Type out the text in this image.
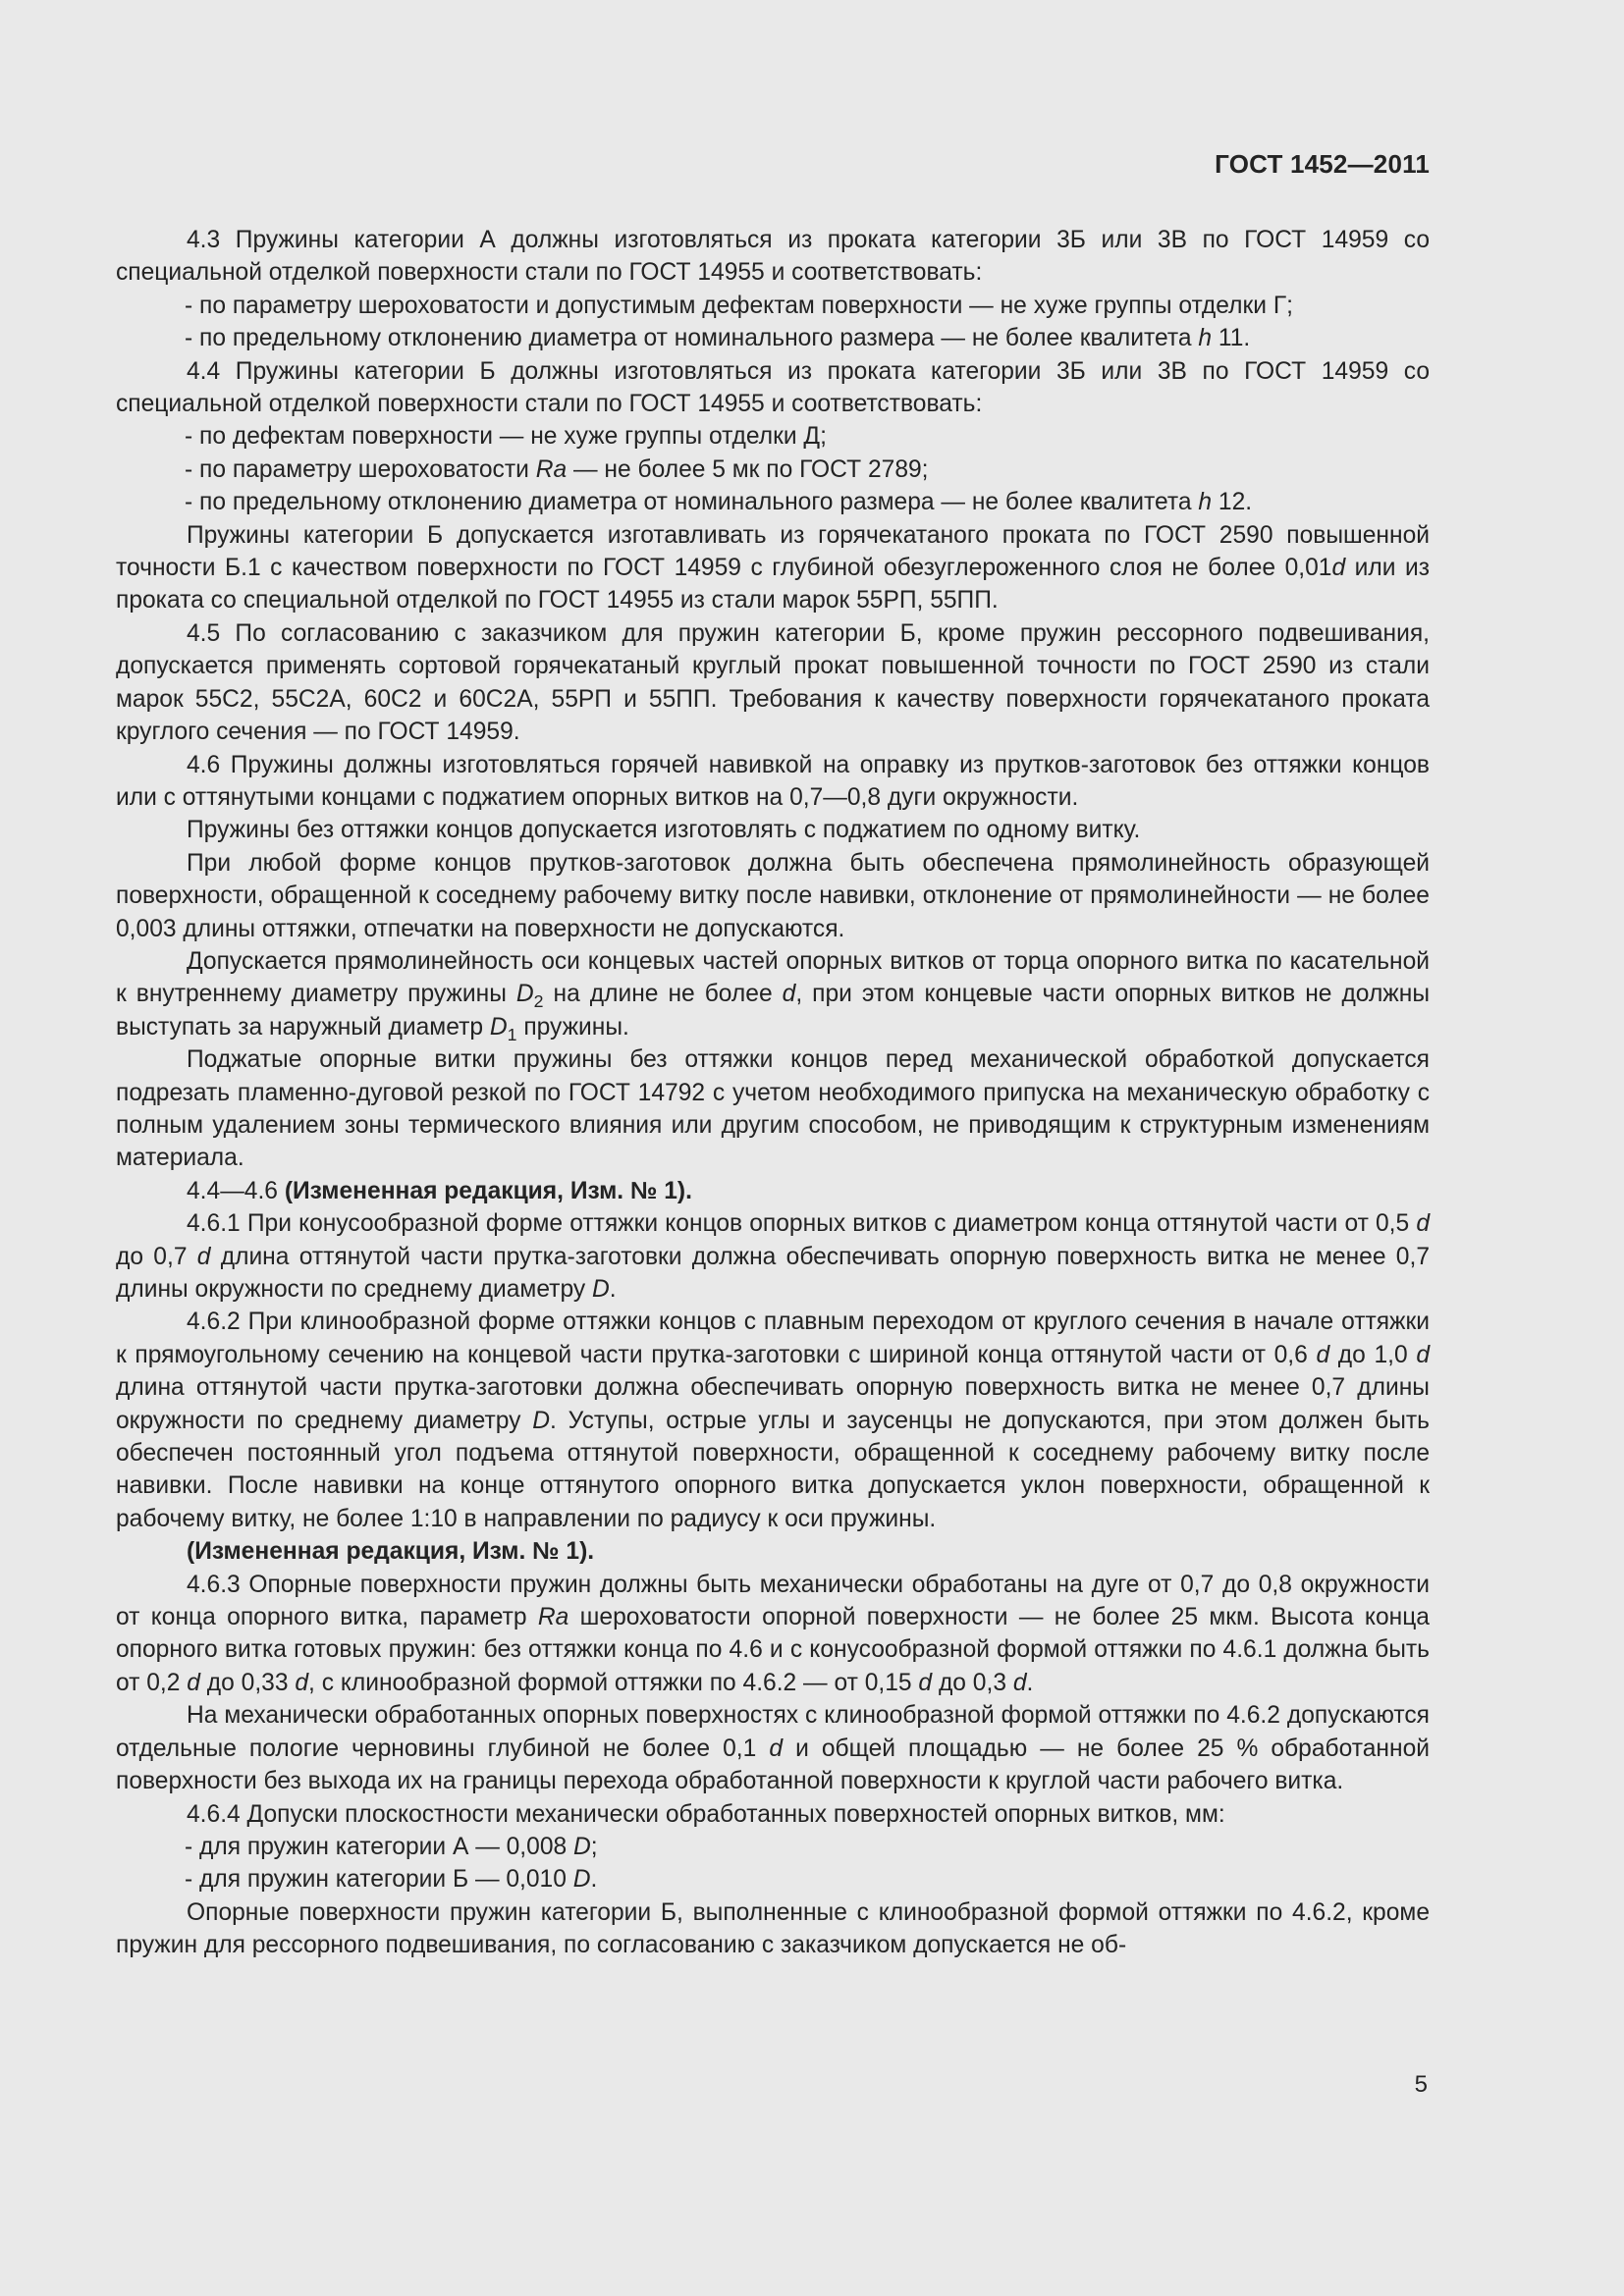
ГОСТ 1452—2011

4.3 Пружины категории А должны изготовляться из проката категории 3Б или 3В по ГОСТ 14959 со специальной отделкой поверхности стали по ГОСТ 14955 и соответствовать:

- по параметру шероховатости и допустимым дефектам поверхности — не хуже группы отделки Г;

- по предельному отклонению диаметра от номинального размера — не более квалитета h 11.

4.4 Пружины категории Б должны изготовляться из проката категории 3Б или 3В по ГОСТ 14959 со специальной отделкой поверхности стали по ГОСТ 14955 и соответствовать:

- по дефектам поверхности — не хуже группы отделки Д;

- по параметру шероховатости Ra — не более 5 мк по ГОСТ 2789;

- по предельному отклонению диаметра от номинального размера — не более квалитета h 12.

Пружины категории Б допускается изготавливать из горячекатаного проката по ГОСТ 2590 повышенной точности Б.1 с качеством поверхности по ГОСТ 14959 с глубиной обезуглероженного слоя не более 0,01d или из проката со специальной отделкой по ГОСТ 14955 из стали марок 55РП, 55ПП.

4.5 По согласованию с заказчиком для пружин категории Б, кроме пружин рессорного подвешивания, допускается применять сортовой горячекатаный круглый прокат повышенной точности по ГОСТ 2590 из стали марок 55С2, 55С2А, 60С2 и 60С2А, 55РП и 55ПП. Требования к качеству поверхности горячекатаного проката круглого сечения — по ГОСТ 14959.

4.6 Пружины должны изготовляться горячей навивкой на оправку из прутков-заготовок без оттяжки концов или с оттянутыми концами с поджатием опорных витков на 0,7—0,8 дуги окружности.

Пружины без оттяжки концов допускается изготовлять с поджатием по одному витку.

При любой форме концов прутков-заготовок должна быть обеспечена прямолинейность образующей поверхности, обращенной к соседнему рабочему витку после навивки, отклонение от прямолинейности — не более 0,003 длины оттяжки, отпечатки на поверхности не допускаются.

Допускается прямолинейность оси концевых частей опорных витков от торца опорного витка по касательной к внутреннему диаметру пружины $D_2$ на длине не более d, при этом концевые части опорных витков не должны выступать за наружный диаметр $D_1$ пружины.

Поджатые опорные витки пружины без оттяжки концов перед механической обработкой допускается подрезать пламенно-дуговой резкой по ГОСТ 14792 с учетом необходимого припуска на механическую обработку с полным удалением зоны термического влияния или другим способом, не приводящим к структурным изменениям материала.

4.4—4.6 (Измененная редакция, Изм. № 1).

4.6.1 При конусообразной форме оттяжки концов опорных витков с диаметром конца оттянутой части от 0,5 d до 0,7 d длина оттянутой части прутка-заготовки должна обеспечивать опорную поверхность витка не менее 0,7 длины окружности по среднему диаметру D.

4.6.2 При клинообразной форме оттяжки концов с плавным переходом от круглого сечения в начале оттяжки к прямоугольному сечению на концевой части прутка-заготовки с шириной конца оттянутой части от 0,6 d до 1,0 d длина оттянутой части прутка-заготовки должна обеспечивать опорную поверхность витка не менее 0,7 длины окружности по среднему диаметру D. Уступы, острые углы и заусенцы не допускаются, при этом должен быть обеспечен постоянный угол подъема оттянутой поверхности, обращенной к соседнему рабочему витку после навивки. После навивки на конце оттянутого опорного витка допускается уклон поверхности, обращенной к рабочему витку, не более 1:10 в направлении по радиусу к оси пружины.

(Измененная редакция, Изм. № 1).

4.6.3 Опорные поверхности пружин должны быть механически обработаны на дуге от 0,7 до 0,8 окружности от конца опорного витка, параметр Ra шероховатости опорной поверхности — не более 25 мкм. Высота конца опорного витка готовых пружин: без оттяжки конца по 4.6 и с конусообразной формой оттяжки по 4.6.1 должна быть от 0,2 d до 0,33 d, с клинообразной формой оттяжки по 4.6.2 — от 0,15 d до 0,3 d.

На механически обработанных опорных поверхностях с клинообразной формой оттяжки по 4.6.2 допускаются отдельные пологие черновины глубиной не более 0,1 d и общей площадью — не более 25 % обработанной поверхности без выхода их на границы перехода обработанной поверхности к круглой части рабочего витка.

4.6.4 Допуски плоскостности механически обработанных поверхностей опорных витков, мм:

- для пружин категории А — 0,008 D;

- для пружин категории Б — 0,010 D.

Опорные поверхности пружин категории Б, выполненные с клинообразной формой оттяжки по 4.6.2, кроме пружин для рессорного подвешивания, по согласованию с заказчиком допускается не об-

5
